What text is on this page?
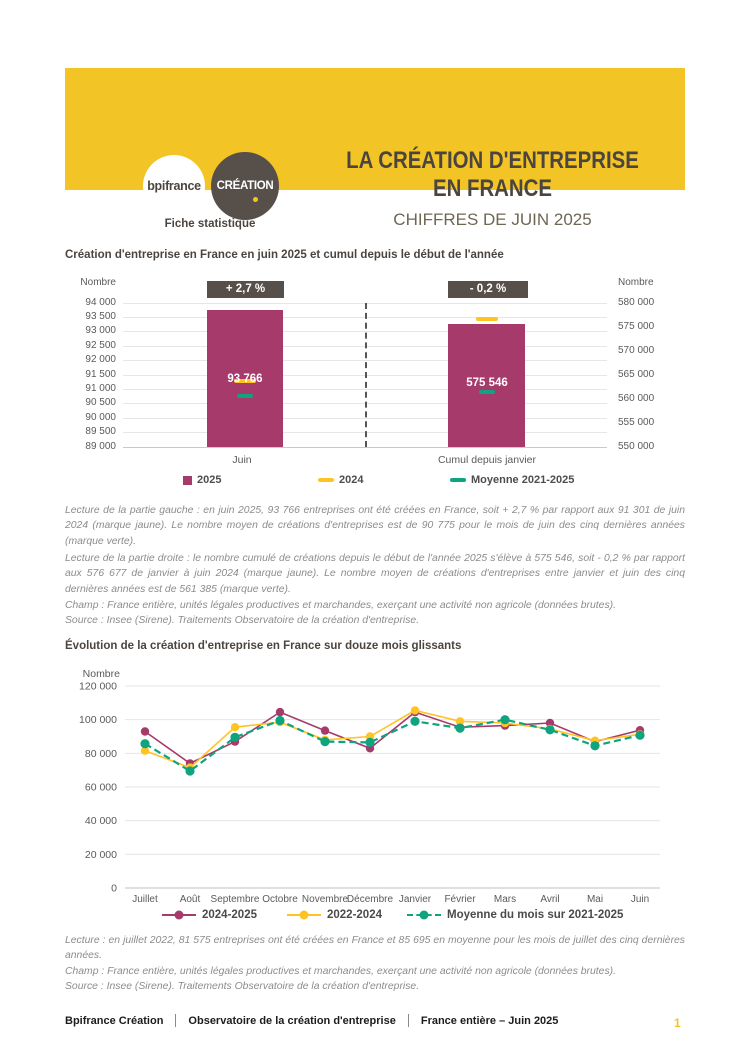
bpifrance CRÉATION
Fiche statistique
LA CRÉATION D'ENTREPRISE
EN FRANCE
CHIFFRES DE JUIN 2025
Création d'entreprise en France en juin 2025 et cumul depuis le début de l'année
Nombre	Nombre
+ 2,7 %	- 0,2 %
Juin	Cumul depuis janvier
2025	2024	Moyenne 2021-2025
Lecture de la partie gauche : en juin 2025, 93 766 entreprises ont été créées en France, soit + 2,7 % par rapport aux 91 301 de juin 2024 (marque jaune). Le nombre moyen de créations d'entreprises est de 90 775 pour le mois de juin des cinq dernières années (marque verte).
Lecture de la partie droite : le nombre cumulé de créations depuis le début de l'année 2025 s'élève à 575 546, soit - 0,2 % par rapport aux 576 677 de janvier à juin 2024 (marque jaune). Le nombre moyen de créations d'entreprises entre janvier et juin des cinq dernières années est de 561 385 (marque verte).
Champ : France entière, unités légales productives et marchandes, exerçant une activité non agricole (données brutes).
Source : Insee (Sirene). Traitements Observatoire de la création d'entreprise.
Évolution de la création d'entreprise en France sur douze mois glissants
Nombre
120 000
100 000
80 000
60 000
40 000
20 000
0
Juillet Août Septembre Octobre Novembre
Décembre Janvier Février Mars Avril	Mai	Juin
2024-2025	2022-2024	Moyenne du mois sur 2021-2025
Lecture : en juillet 2022, 81 575 entreprises ont été créées en France et 85 695 en moyenne pour les mois de juillet des cinq dernières années.
Champ : France entière, unités légales productives et marchandes, exerçant une activité non agricole (données brutes).
Source : Insee (Sirene). Traitements Observatoire de la création d'entreprise.
Bpifrance Création Observatoire de la création d'entreprise France entière – Juin 2025	1
94 000
93 500
93 000
92 500
92 000
91 500
91 000
90 500
90 000
89 500
89 000
580 000
575 000
570 000
565 000
560 000
555 000
550 000
93 766	575 546
